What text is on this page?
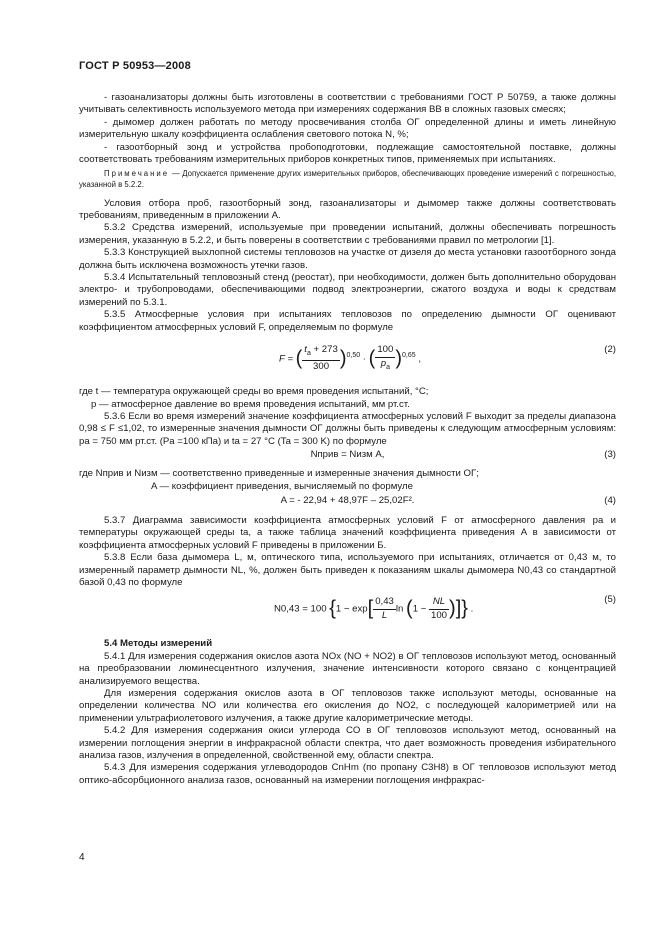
ГОСТ Р 50953—2008

- газоанализаторы должны быть изготовлены в соответствии с требованиями ГОСТ Р 50759, а также должны учитывать селективность используемого метода при измерениях содержания ВВ в сложных газовых смесях;

- дымомер должен работать по методу просвечивания столба ОГ определенной длины и иметь линейную измерительную шкалу коэффициента ослабления светового потока N, %;

- газоотборный зонд и устройства пробоподготовки, подлежащие самостоятельной поставке, должны соответствовать требованиям измерительных приборов конкретных типов, применяемых при испытаниях.

Примечание — Допускается применение других измерительных приборов, обеспечивающих проведение измерений с погрешностью, указанной в 5.2.2.

Условия отбора проб, газоотборный зонд, газоанализаторы и дымомер также должны соответствовать требованиям, приведенным в приложении А.

5.3.2 Средства измерений, используемые при проведении испытаний, должны обеспечивать погрешность измерения, указанную в 5.2.2, и быть поверены в соответствии с требованиями правил по метрологии [1].

5.3.3 Конструкцией выхлопной системы тепловозов на участке от дизеля до места установки газоотборного зонда должна быть исключена возможность утечки газов.

5.3.4 Испытательный тепловозный стенд (реостат), при необходимости, должен быть дополнительно оборудован электро- и трубопроводами, обеспечивающими подвод электроэнергии, сжатого воздуха и воды к средствам измерений по 5.3.1.

5.3.5 Атмосферные условия при испытаниях тепловозов по определению дымности ОГ оценивают коэффициентом атмосферных условий F, определяемым по формуле

F = ( $\frac{t_a + 273}{300} )^{0,50}$ · ( $\frac{100}{p_a} )^{0,65}$ ,
(2)

где t — температура окружающей среды во время проведения испытаний, °C;

p — атмосферное давление во время проведения испытаний, мм рт.ст.

5.3.6 Если во время измерений значение коэффициента атмосферных условий F выходит за пределы диапазона 0,98 ≤ F ≤1,02, то измеренные значения дымности ОГ должны быть приведены к следующим атмосферным условиям: pa = 750 мм рт.ст. (Pa =100 кПа) и ta = 27 °C (Ta = 300 K) по формуле

Nприв = Nизм A,	(3)

где Nприв и Nизм — соответственно приведенные и измеренные значения дымности ОГ;

A — коэффициент приведения, вычисляемый по формуле

A = - 22,94 + 48,97F – 25,02F².	(4)

5.3.7 Диаграмма зависимости коэффициента атмосферных условий F от атмосферного давления pa и температуры окружающей среды ta, а также таблица значений коэффициента приведения A в зависимости от коэффициента атмосферных условий F приведены в приложении Б.

5.3.8 Если база дымомера L, м, оптического типа, используемого при испытаниях, отличается от 0,43 м, то измеренный параметр дымности NL, %, должен быть приведен к показаниям шкалы дымомера N0,43 со стандартной базой 0,43 по формуле

N0,43 = 100 {$1 - \exp[ \frac{0,43}{L}$ $\ln (1 - \frac{NL}{100}$ )]} .
(5)

5.4 Методы измерений

5.4.1 Для измерения содержания окислов азота NOx (NO + NO2) в ОГ тепловозов используют метод, основанный на преобразовании люминесцентного излучения, значение интенсивности которого связано с концентрацией анализируемого вещества.

Для измерения содержания окислов азота в ОГ тепловозов также используют методы, основанные на определении количества NO или количества его окисления до NO2, с последующей калориметрией или на применении ультрафиолетового излучения, а также другие калориметрические методы.

5.4.2 Для измерения содержания окиси углерода CO в ОГ тепловозов используют метод, основанный на измерении поглощения энергии в инфракрасной области спектра, что дает возможность проведения избирательного анализа газов, излучения в определенной, свойственной ему, области спектра.

5.4.3 Для измерения содержания углеводородов CnHm (по пропану C3H8) в ОГ тепловозов используют метод оптико-абсорбционного анализа газов, основанный на измерении поглощения инфракрас-

4
